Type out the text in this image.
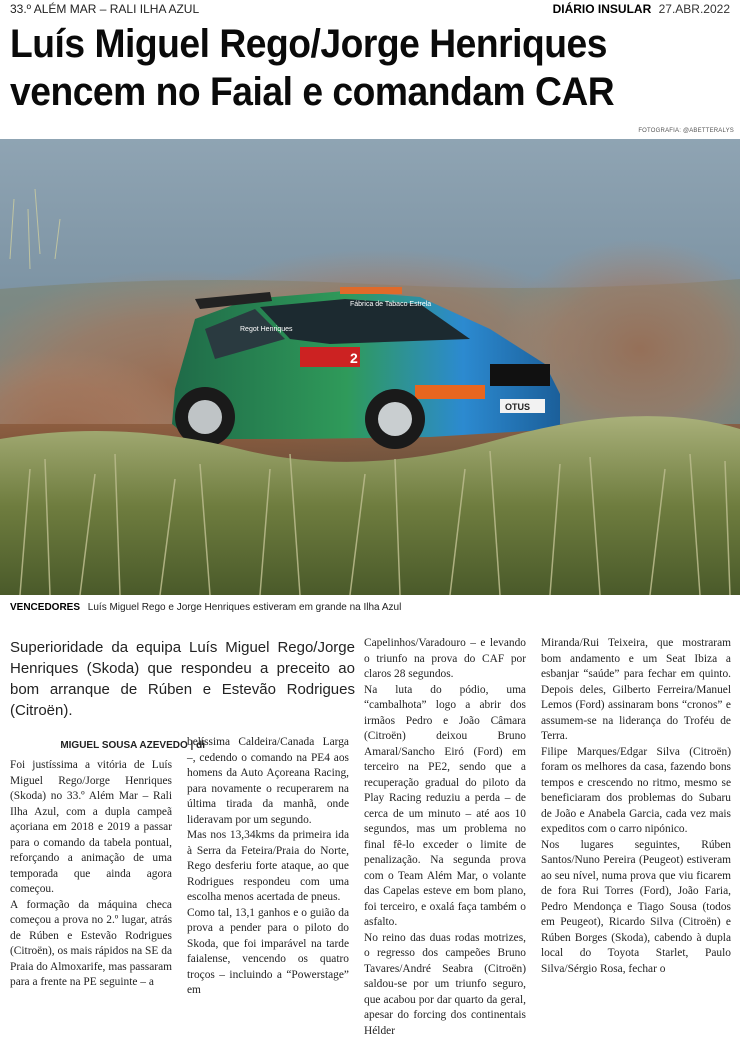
33.º ALÉM MAR – RALI ILHA AZUL	DIÁRIO INSULAR 27.ABR.2022
Luís Miguel Rego/Jorge Henriques vencem no Faial e comandam CAR
FOTOGRAFIA: @ABETTERALYS
Fábrica de Tabaco Estrela
2
OTUS
Regot Henriques
VENCEDORES Luís Miguel Rego e Jorge Henriques estiveram em grande na Ilha Azul

Superioridade da equipa Luís Miguel Rego/Jorge Henriques (Skoda) que respondeu a preceito ao bom arranque de Rúben e Estevão Rodrigues (Citroën).

MIGUEL SOUSA AZEVEDO | di

Foi justíssima a vitória de Luís Miguel Rego/Jorge Henriques (Skoda) no 33.º Além Mar – Rali Ilha Azul, com a dupla campeã açoriana em 2018 e 2019 a passar para o comando da tabela pontual, reforçando a animação de uma temporada que ainda agora começou.

A formação da máquina checa começou a prova no 2.º lugar, atrás de Rúben e Estevão Rodrigues (Citroën), os mais rápidos na SE da Praia do Almoxarife, mas passaram para a frente na PE seguinte – a

belíssima Caldeira/Canada Larga –, cedendo o comando na PE4 aos homens da Auto Açoreana Racing, para novamente o recuperarem na última tirada da manhã, onde lideravam por um segundo.

Mas nos 13,34kms da primeira ida à Serra da Feteira/Praia do Norte, Rego desferiu forte ataque, ao que Rodrigues respondeu com uma escolha menos acertada de pneus.

Como tal, 13,1 ganhos e o guião da prova a pender para o piloto do Skoda, que foi imparável na tarde faialense, vencendo os quatro troços – incluindo a “Powerstage” em

Capelinhos/Varadouro – e levando o triunfo na prova do CAF por claros 28 segundos.

Na luta do pódio, uma “cambalhota” logo a abrir dos irmãos Pedro e João Câmara (Citroën) deixou Bruno Amaral/Sancho Eiró (Ford) em terceiro na PE2, sendo que a recuperação gradual do piloto da Play Racing reduziu a perda – de cerca de um minuto – até aos 10 segundos, mas um problema no final fê-lo exceder o limite de penalização. Na segunda prova com o Team Além Mar, o volante das Capelas esteve em bom plano, foi terceiro, e oxalá faça também o asfalto.

No reino das duas rodas motrizes, o regresso dos campeões Bruno Tavares/André Seabra (Citroën) saldou-se por um triunfo seguro, que acabou por dar quarto da geral, apesar do forcing dos continentais Hélder

Miranda/Rui Teixeira, que mostraram bom andamento e um Seat Ibiza a esbanjar “saúde” para fechar em quinto. Depois deles, Gilberto Ferreira/Manuel Lemos (Ford) assinaram bons “cronos” e assumem-se na liderança do Troféu de Terra.

Filipe Marques/Edgar Silva (Citroën) foram os melhores da casa, fazendo bons tempos e crescendo no ritmo, mesmo se beneficiaram dos problemas do Subaru de João e Anabela Garcia, cada vez mais expeditos com o carro nipónico.

Nos lugares seguintes, Rúben Santos/Nuno Pereira (Peugeot) estiveram ao seu nível, numa prova que viu ficarem de fora Rui Torres (Ford), João Faria, Pedro Mendonça e Tiago Sousa (todos em Peugeot), Ricardo Silva (Citroën) e Rúben Borges (Skoda), cabendo à dupla local do Toyota Starlet, Paulo Silva/Sérgio Rosa, fechar o
